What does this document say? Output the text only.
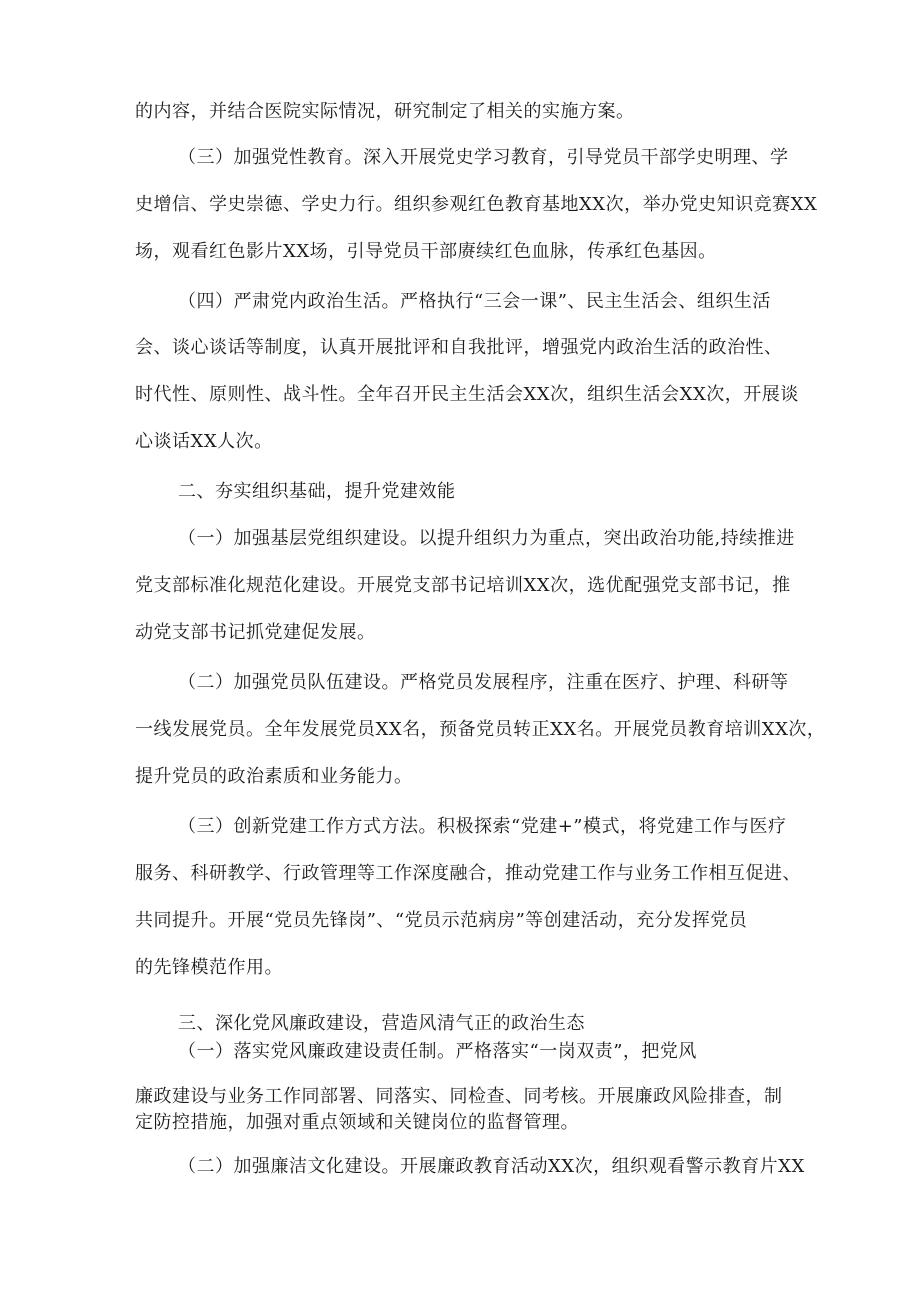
的内容，并结合医院实际情况，研究制定了相关的实施方案。
（三）加强党性教育。深入开展党史学习教育，引导党员干部学史明理、学
史增信、学史崇德、学史力行。组织参观红色教育基地XX次，举办党史知识竞赛XX
场，观看红色影片XX场，引导党员干部赓续红色血脉，传承红色基因。
（四）严肃党内政治生活。严格执行“三会一课”、民主生活会、组织生活
会、谈心谈话等制度，认真开展批评和自我批评，增强党内政治生活的政治性、
时代性、原则性、战斗性。全年召开民主生活会XX次，组织生活会XX次，开展谈
心谈话XX人次。
二、夯实组织基础，提升党建效能
（一）加强基层党组织建设。以提升组织力为重点，突出政治功能,持续推进
党支部标准化规范化建设。开展党支部书记培训XX次，选优配强党支部书记，推
动党支部书记抓党建促发展。
（二）加强党员队伍建设。严格党员发展程序，注重在医疗、护理、科研等
一线发展党员。全年发展党员XX名，预备党员转正XX名。开展党员教育培训XX次，
提升党员的政治素质和业务能力。
（三）创新党建工作方式方法。积极探索“党建+”模式，将党建工作与医疗
服务、科研教学、行政管理等工作深度融合，推动党建工作与业务工作相互促进、
共同提升。开展“党员先锋岗”、“党员示范病房”等创建活动，充分发挥党员
的先锋模范作用。
三、深化党风廉政建设，营造风清气正的政治生态
（一）落实党风廉政建设责任制。严格落实“一岗双责”，把党风
廉政建设与业务工作同部署、同落实、同检查、同考核。开展廉政风险排查，制
定防控措施，加强对重点领域和关键岗位的监督管理。
（二）加强廉洁文化建设。开展廉政教育活动XX次，组织观看警示教育片XX
